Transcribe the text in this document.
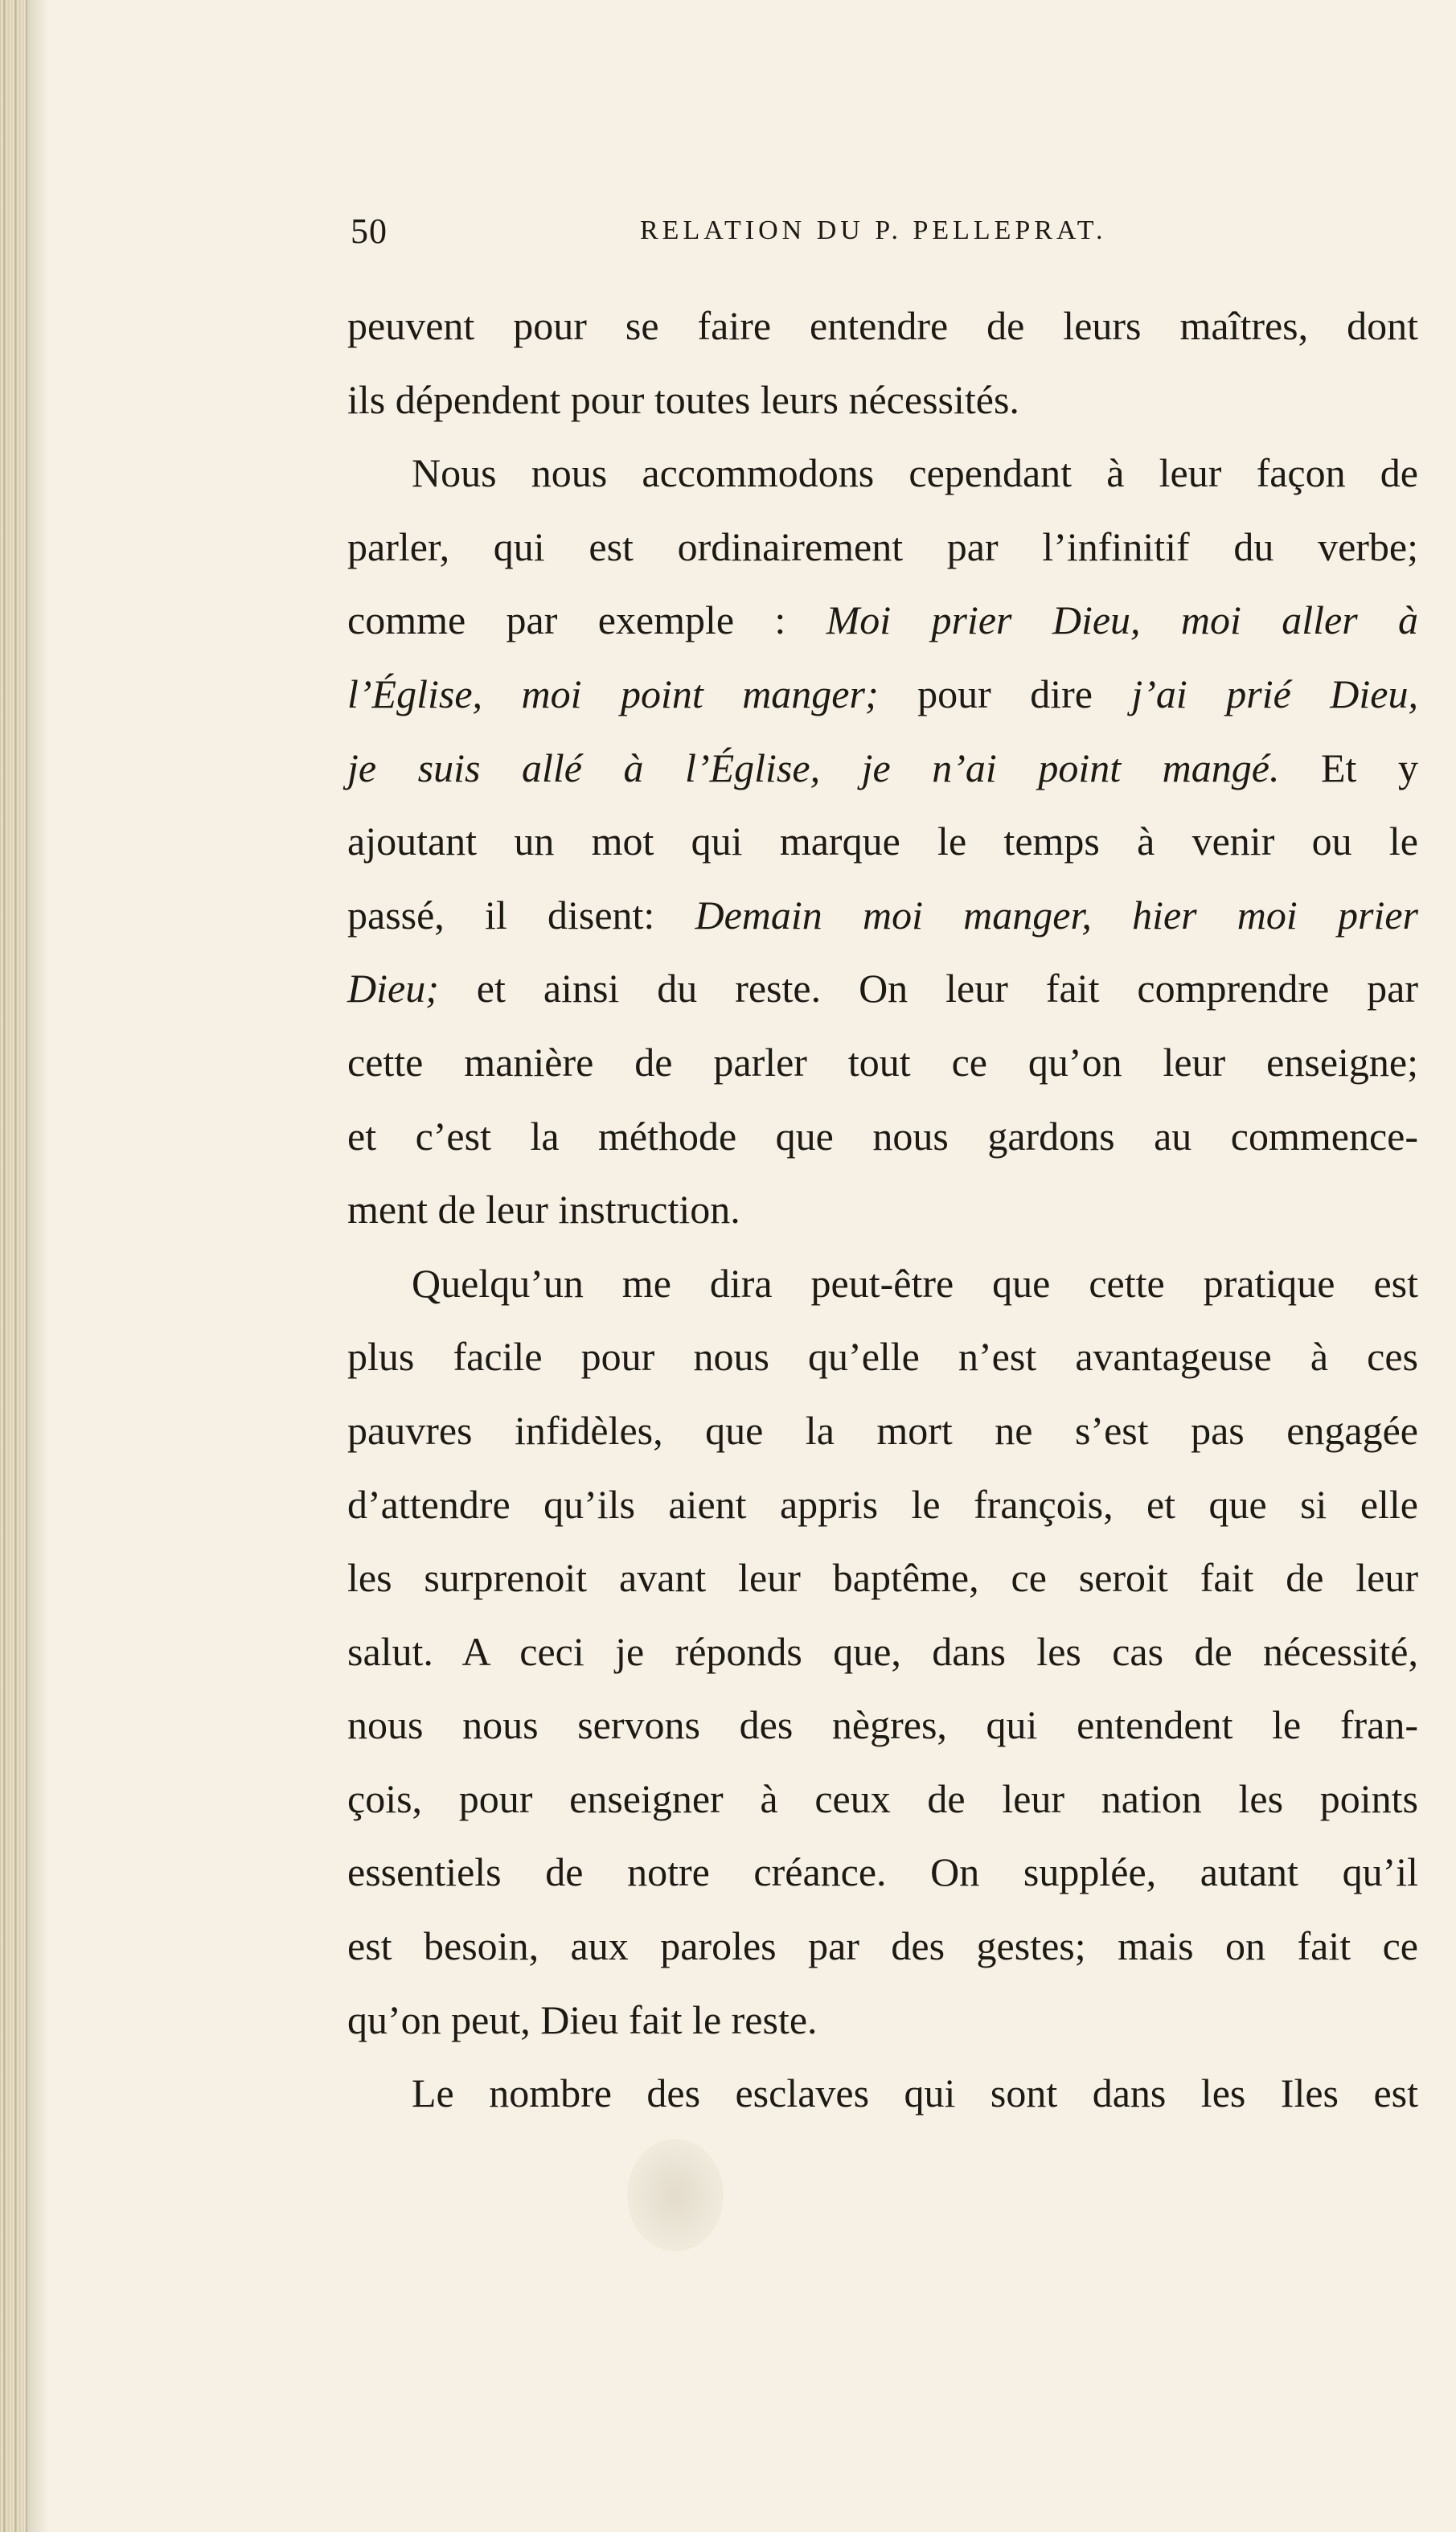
50	RELATION DU P. PELLEPRAT.
peuvent pour se faire entendre de leurs maîtres, dont
ils dépendent pour toutes leurs nécessités.
Nous nous accommodons cependant à leur façon de
parler, qui est ordinairement par l’infinitif du verbe;
comme par exemple : Moi prier Dieu, moi aller à
l’Église, moi point manger; pour dire j’ai prié Dieu,
je suis allé à l’Église, je n’ai point mangé. Et y
ajoutant un mot qui marque le temps à venir ou le
passé, il disent: Demain moi manger, hier moi prier
Dieu; et ainsi du reste. On leur fait comprendre par
cette manière de parler tout ce qu’on leur enseigne;
et c’est la méthode que nous gardons au commence-
ment de leur instruction.
Quelqu’un me dira peut-être que cette pratique est
plus facile pour nous qu’elle n’est avantageuse à ces
pauvres infidèles, que la mort ne s’est pas engagée
d’attendre qu’ils aient appris le françois, et que si elle
les surprenoit avant leur baptême, ce seroit fait de leur
salut. A ceci je réponds que, dans les cas de nécessité,
nous nous servons des nègres, qui entendent le fran-
çois, pour enseigner à ceux de leur nation les points
essentiels de notre créance. On supplée, autant qu’il
est besoin, aux paroles par des gestes; mais on fait ce
qu’on peut, Dieu fait le reste.
Le nombre des esclaves qui sont dans les Iles est
